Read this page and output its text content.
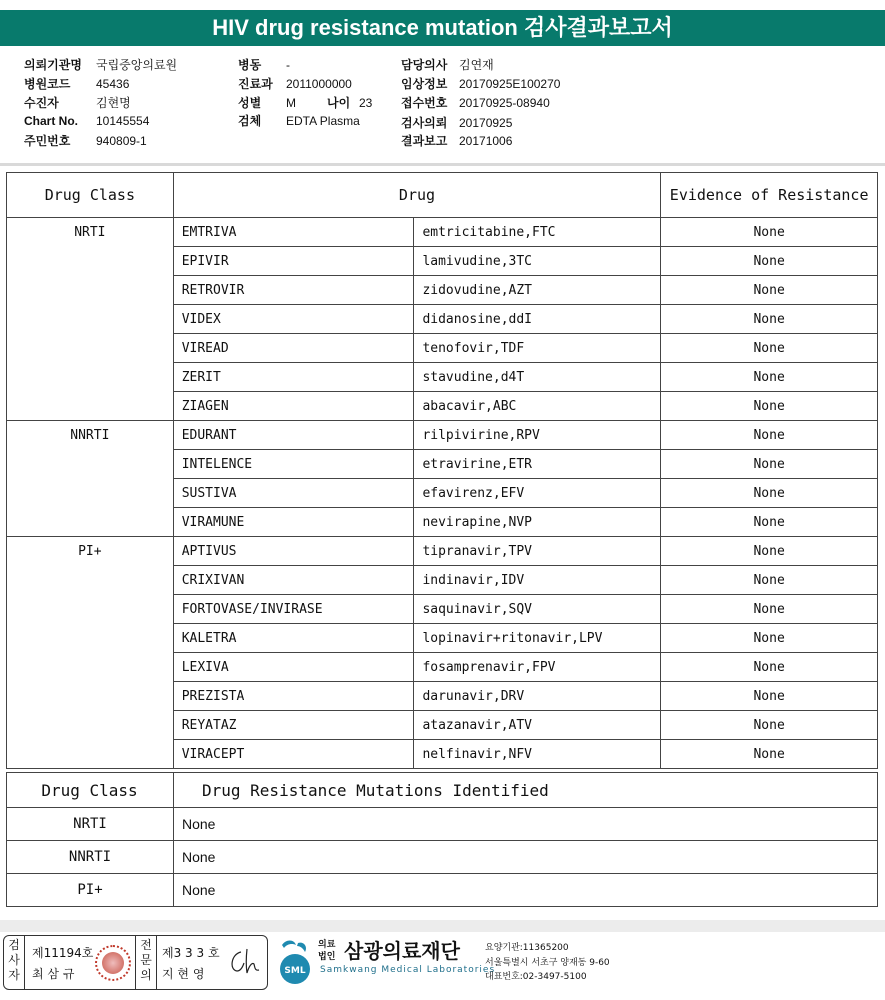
HIV drug resistance mutation 검사결과보고서
의뢰기관명 국립중앙의료원
병원코드 45436
수진자	김현명
Chart No. 10145554
주민번호 940809-1
병동 -
진료과 2011000000
성별 M	나이 23
검체 EDTA Plasma
담당의사 김연재
임상정보 20170925E100270
접수번호 20170925-08940
검사의뢰 20170925
결과보고 20171006
Drug Class	Drug		Evidence of Resistance
NRTI	EMTRIVA	emtricitabine,FTC	None
	EPIVIR	lamivudine,3TC	None
	RETROVIR	zidovudine,AZT	None
	VIDEX	didanosine,ddI	None
	VIREAD	tenofovir,TDF	None
	ZERIT	stavudine,d4T	None
	ZIAGEN	abacavir,ABC	None
NNRTI	EDURANT	rilpivirine,RPV	None
	INTELENCE	etravirine,ETR	None
	SUSTIVA	efavirenz,EFV	None
	VIRAMUNE	nevirapine,NVP	None
PI+	APTIVUS	tipranavir,TPV	None
	CRIXIVAN	indinavir,IDV	None
	FORTOVASE/INVIRASE	saquinavir,SQV	None
	KALETRA	lopinavir+ritonavir,LPV	None
	LEXIVA	fosamprenavir,FPV	None
	PREZISTA	darunavir,DRV	None
	REYATAZ	atazanavir,ATV	None
	VIRACEPT	nelfinavir,NFV	None
Drug Class	Drug Resistance Mutations Identified
NRTI	None
NNRTI	None
PI+	None
검사자
제11194호
최 삼 규
전문의
제3 3 3 호
지 현 영	SML
의료 법인 삼광의료재단
Samkwang Medical Laboratories
요양기관:11365200
서울특별시 서초구 양재동 9-60
대표번호:02-3497-5100
